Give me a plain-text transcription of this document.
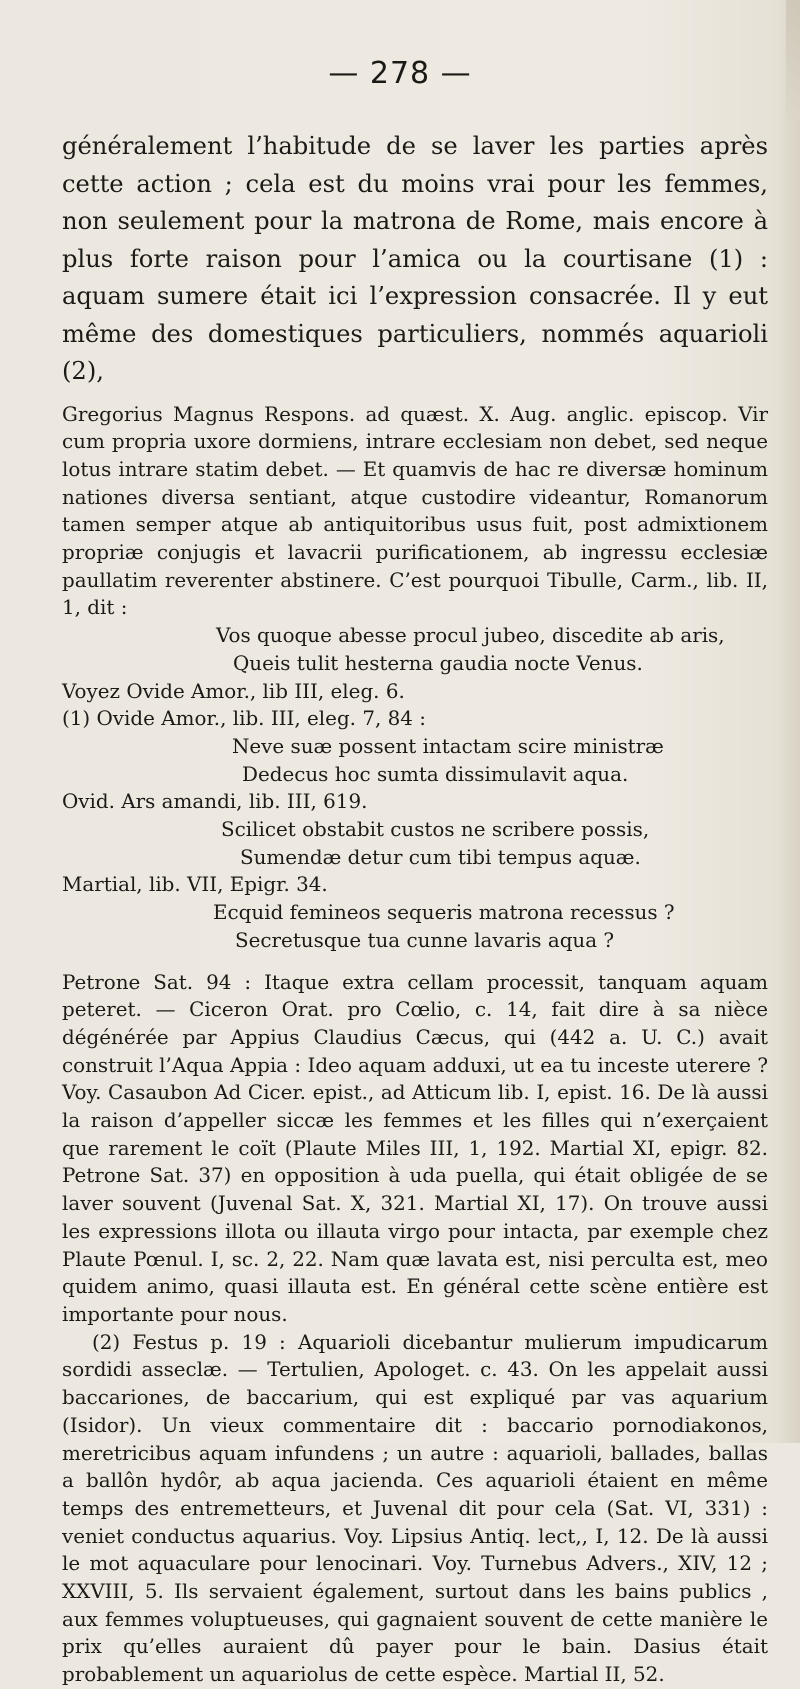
— 278 —

généralement l’habitude de se laver les parties après cette action ; cela est du moins vrai pour les femmes, non seulement pour la matrona de Rome, mais encore à plus forte raison pour l’amica ou la courtisane (1) : aquam sumere était ici l’expression consacrée. Il y eut même des domestiques particuliers, nommés aquarioli (2),

Gregorius Magnus Respons. ad quæst. X. Aug. anglic. episcop. Vir cum propria uxore dormiens, intrare ecclesiam non debet, sed neque lotus intrare statim debet. — Et quamvis de hac re diversæ hominum nationes diversa sentiant, atque custodire videantur, Romanorum tamen semper atque ab antiquitoribus usus fuit, post admixtionem propriæ conjugis et lavacrii purificationem, ab ingressu ecclesiæ paullatim reverenter abstinere. C’est pourquoi Tibulle, Carm., lib. II, 1, dit :

Vos quoque abesse procul jubeo, discedite ab aris,

Queis tulit hesterna gaudia nocte Venus.

Voyez Ovide Amor., lib III, eleg. 6.

(1) Ovide Amor., lib. III, eleg. 7, 84 :

Neve suæ possent intactam scire ministræ

Dedecus hoc sumta dissimulavit aqua.

Ovid. Ars amandi, lib. III, 619.

Scilicet obstabit custos ne scribere possis,

Sumendæ detur cum tibi tempus aquæ.

Martial, lib. VII, Epigr. 34.

Ecquid femineos sequeris matrona recessus ?

Secretusque tua cunne lavaris aqua ?

Petrone Sat. 94 : Itaque extra cellam processit, tanquam aquam peteret. — Ciceron Orat. pro Cœlio, c. 14, fait dire à sa nièce dégénérée par Appius Claudius Cæcus, qui (442 a. U. C.) avait construit l’Aqua Appia : Ideo aquam adduxi, ut ea tu inceste uterere ? Voy. Casaubon Ad Cicer. epist., ad Atticum lib. I, epist. 16. De là aussi la raison d’appeller siccæ les femmes et les filles qui n’exerçaient que rarement le coït (Plaute Miles III, 1, 192. Martial XI, epigr. 82. Petrone Sat. 37) en opposition à uda puella, qui était obligée de se laver souvent (Juvenal Sat. X, 321. Martial XI, 17). On trouve aussi les expressions illota ou illauta virgo pour intacta, par exemple chez Plaute Pœnul. I, sc. 2, 22. Nam quæ lavata est, nisi perculta est, meo quidem animo, quasi illauta est. En général cette scène entière est importante pour nous.

(2) Festus p. 19 : Aquarioli dicebantur mulierum impudicarum sordidi asseclæ. — Tertulien, Apologet. c. 43. On les appelait aussi baccariones, de baccarium, qui est expliqué par vas aquarium (Isidor). Un vieux commentaire dit : baccario pornodiakonos, meretricibus aquam infundens ; un autre : aquarioli, ballades, ballas a ballôn hydôr, ab aqua jacienda. Ces aquarioli étaient en même temps des entremetteurs, et Juvenal dit pour cela (Sat. VI, 331) : veniet conductus aquarius. Voy. Lipsius Antiq. lect,, I, 12. De là aussi le mot aquaculare pour lenocinari. Voy. Turnebus Advers., XIV, 12 ; XXVIII, 5. Ils servaient également, surtout dans les bains publics , aux femmes voluptueuses, qui gagnaient souvent de cette manière le prix qu’elles auraient dû payer pour le bain. Dasius était probablement un aquariolus de cette espèce. Martial II, 52.
